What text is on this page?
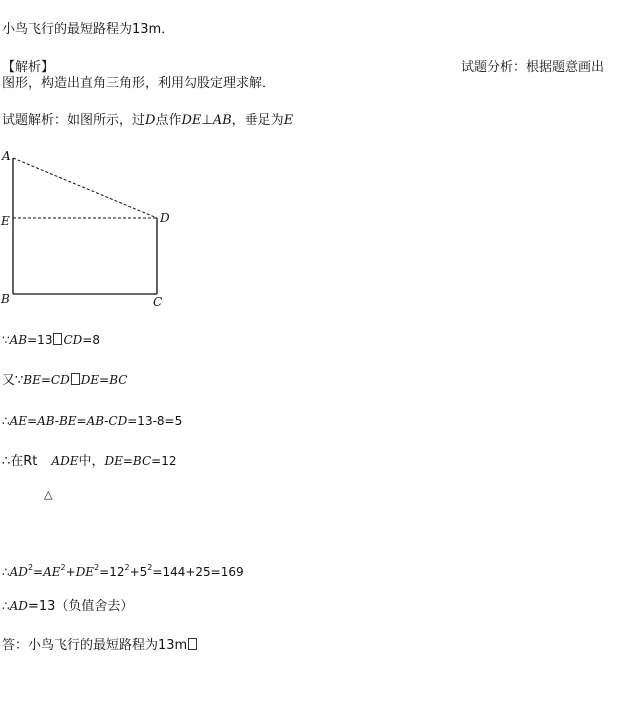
小鸟飞行的最短路程为13m．
【解析】	试题分析：根据题意画出
图形，构造出直角三角形，利用勾股定理求解．
试题解析：如图所示，过D点作DE⊥AB，垂足为E
A
E	D
B	C
∵AB=13 CD=8
又∵BE=CD DE=BC
∴AE=AB-BE=AB-CD=13-8=5
∴在Rt ADE中，DE=BC=12
△
$\therefore AD^2=AE^2+DE^2=12^2+5^2=144+25=169$
∴AD=13（负值舍去）
答：小鸟飞行的最短路程为13m
